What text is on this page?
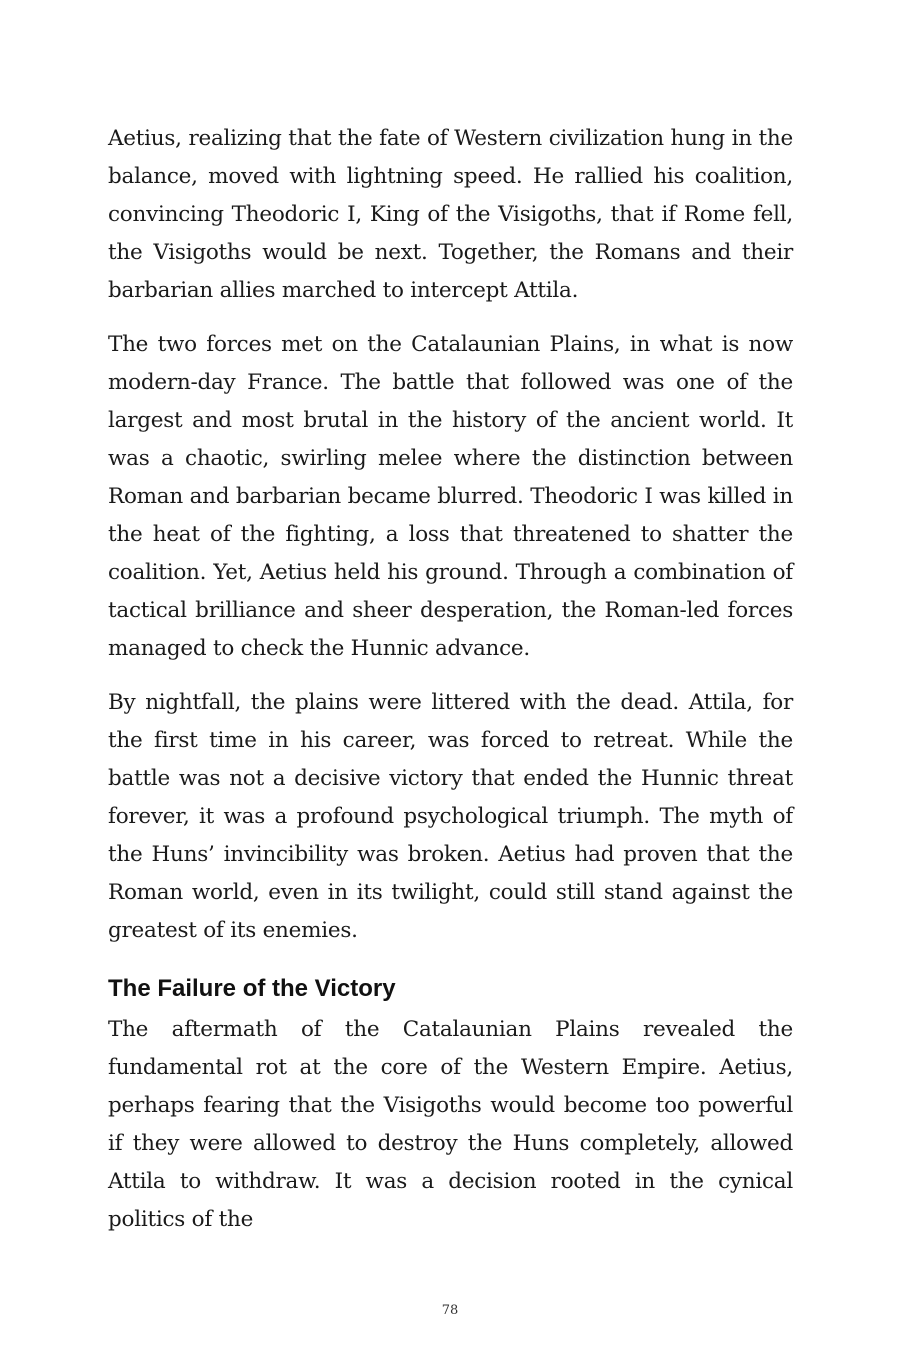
Aetius, realizing that the fate of Western civilization hung in the balance, moved with lightning speed. He rallied his coalition, convincing Theodoric I, King of the Visigoths, that if Rome fell, the Visigoths would be next. Together, the Romans and their barbarian allies marched to intercept Attila.

The two forces met on the Catalaunian Plains, in what is now modern-day France. The battle that followed was one of the largest and most brutal in the history of the ancient world. It was a chaotic, swirling melee where the distinction between Roman and barbarian became blurred. Theodoric I was killed in the heat of the fighting, a loss that threatened to shatter the coalition. Yet, Aetius held his ground. Through a combination of tactical brilliance and sheer desperation, the Roman-led forces managed to check the Hunnic advance.

By nightfall, the plains were littered with the dead. Attila, for the first time in his career, was forced to retreat. While the battle was not a decisive victory that ended the Hunnic threat forever, it was a profound psychological triumph. The myth of the Huns’ invincibility was broken. Aetius had proven that the Roman world, even in its twilight, could still stand against the greatest of its enemies.

The Failure of the Victory

The aftermath of the Catalaunian Plains revealed the fundamental rot at the core of the Western Empire. Aetius, perhaps fearing that the Visigoths would become too powerful if they were allowed to destroy the Huns completely, allowed Attila to withdraw. It was a decision rooted in the cynical politics of the

78
